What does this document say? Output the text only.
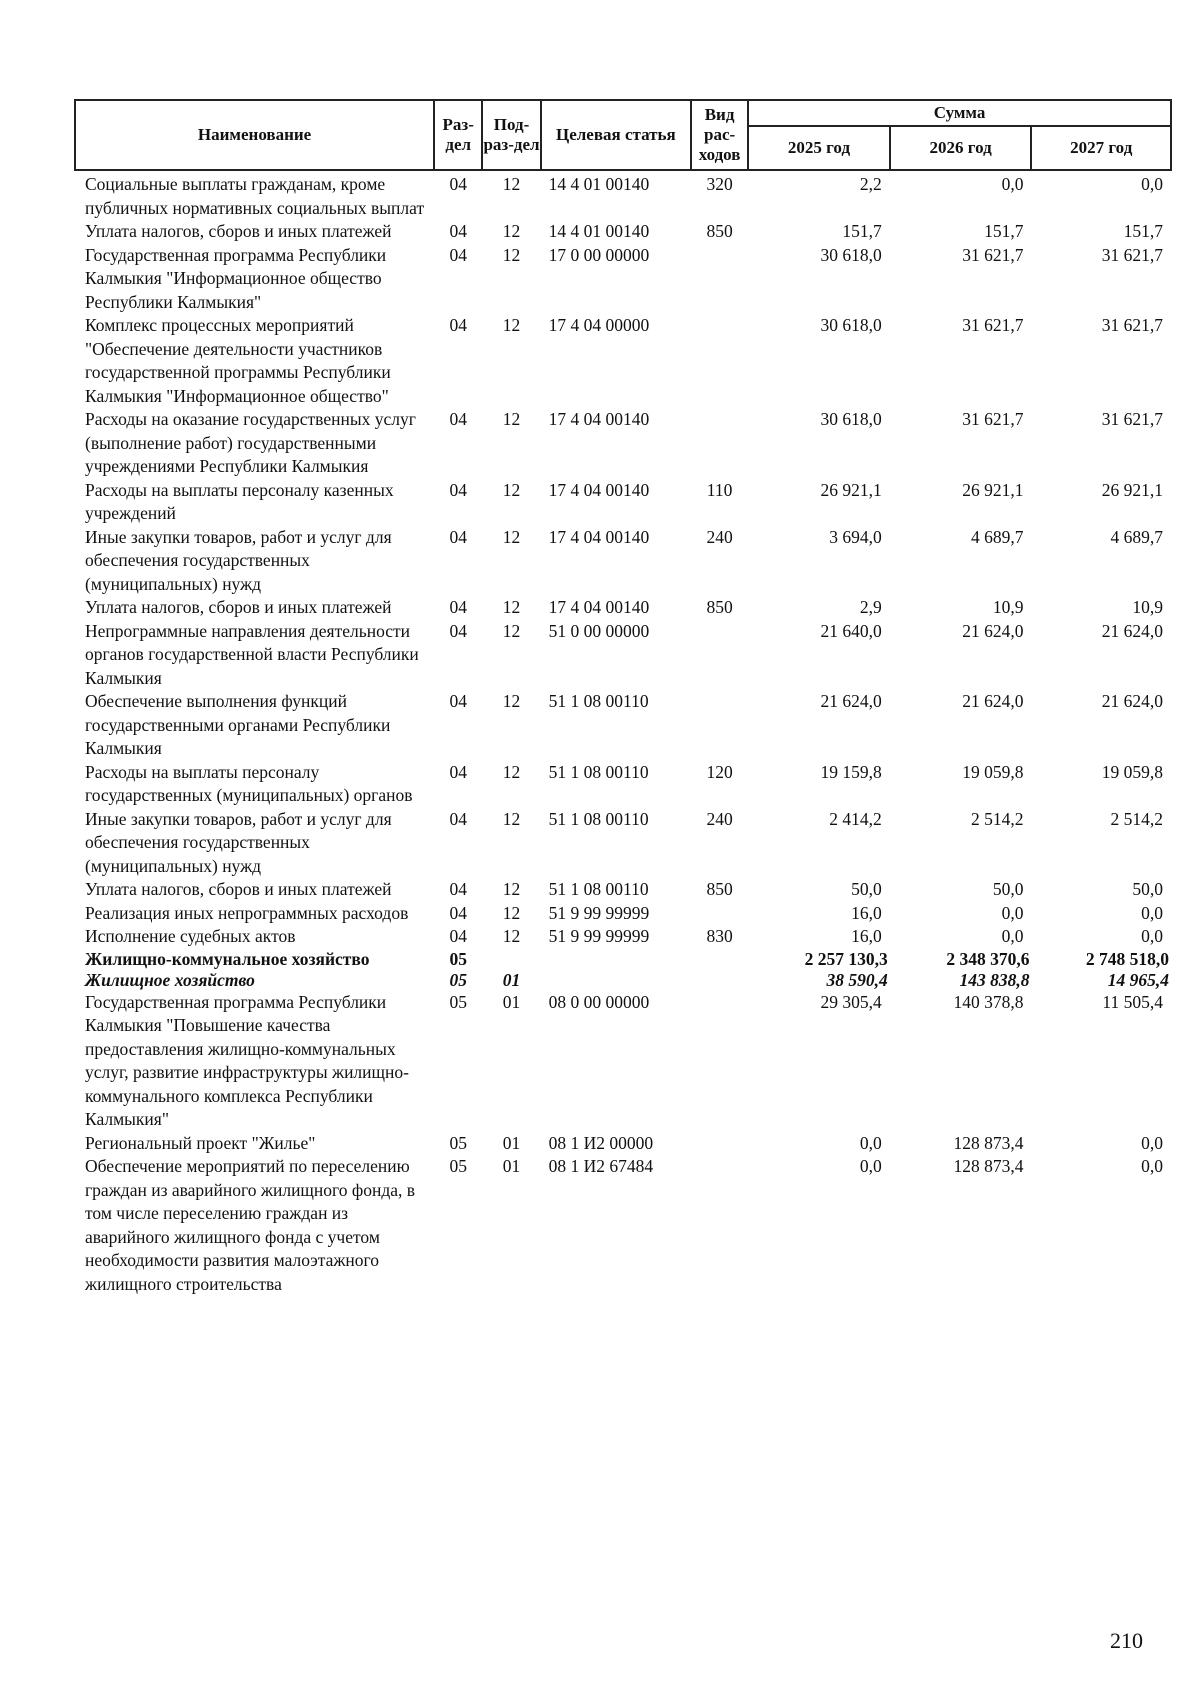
Наименование	Раз-дел	Под-раз-дел	Целевая статья	Вид рас-ходов	Сумма		
					2025 год	2026 год	2027 год
Социальные выплаты гражданам, кроме публичных нормативных социальных выплат	04	12	14 4 01 00140	320	2,2	0,0	0,0
Уплата налогов, сборов и иных платежей	04	12	14 4 01 00140	850	151,7	151,7	151,7
Государственная программа Республики Калмыкия "Информационное общество Республики Калмыкия"	04	12	17 0 00 00000		30 618,0	31 621,7	31 621,7
Комплекс процессных мероприятий "Обеспечение деятельности участников государственной программы Республики Калмыкия "Информационное общество"	04	12	17 4 04 00000		30 618,0	31 621,7	31 621,7
Расходы на оказание государственных услуг (выполнение работ) государственными учреждениями Республики Калмыкия	04	12	17 4 04 00140		30 618,0	31 621,7	31 621,7
Расходы на выплаты персоналу казенных учреждений	04	12	17 4 04 00140	110	26 921,1	26 921,1	26 921,1
Иные закупки товаров, работ и услуг для обеспечения государственных (муниципальных) нужд	04	12	17 4 04 00140	240	3 694,0	4 689,7	4 689,7
Уплата налогов, сборов и иных платежей	04	12	17 4 04 00140	850	2,9	10,9	10,9
Непрограммные направления деятельности органов государственной власти Республики Калмыкия	04	12	51 0 00 00000		21 640,0	21 624,0	21 624,0
Обеспечение выполнения функций государственными органами Республики Калмыкия	04	12	51 1 08 00110		21 624,0	21 624,0	21 624,0
Расходы на выплаты персоналу государственных (муниципальных) органов	04	12	51 1 08 00110	120	19 159,8	19 059,8	19 059,8
Иные закупки товаров, работ и услуг для обеспечения государственных (муниципальных) нужд	04	12	51 1 08 00110	240	2 414,2	2 514,2	2 514,2
Уплата налогов, сборов и иных платежей	04	12	51 1 08 00110	850	50,0	50,0	50,0
Реализация иных непрограммных расходов	04	12	51 9 99 99999		16,0	0,0	0,0
Исполнение судебных актов	04	12	51 9 99 99999	830	16,0	0,0	0,0
Жилищно-коммунальное хозяйство	05				2 257 130,3	2 348 370,6	2 748 518,0
Жилищное хозяйство	05	01			38 590,4	143 838,8	14 965,4
Государственная программа Республики Калмыкия "Повышение качества предоставления жилищно-коммунальных услуг, развитие инфраструктуры жилищно-коммунального комплекса Республики Калмыкия"	05	01	08 0 00 00000		29 305,4	140 378,8	11 505,4
Региональный проект "Жилье"	05	01	08 1 И2 00000		0,0	128 873,4	0,0
Обеспечение мероприятий по переселению граждан из аварийного жилищного фонда, в том числе переселению граждан из аварийного жилищного фонда с учетом необходимости развития малоэтажного жилищного строительства	05	01	08 1 И2 67484		0,0	128 873,4	0,0
210
